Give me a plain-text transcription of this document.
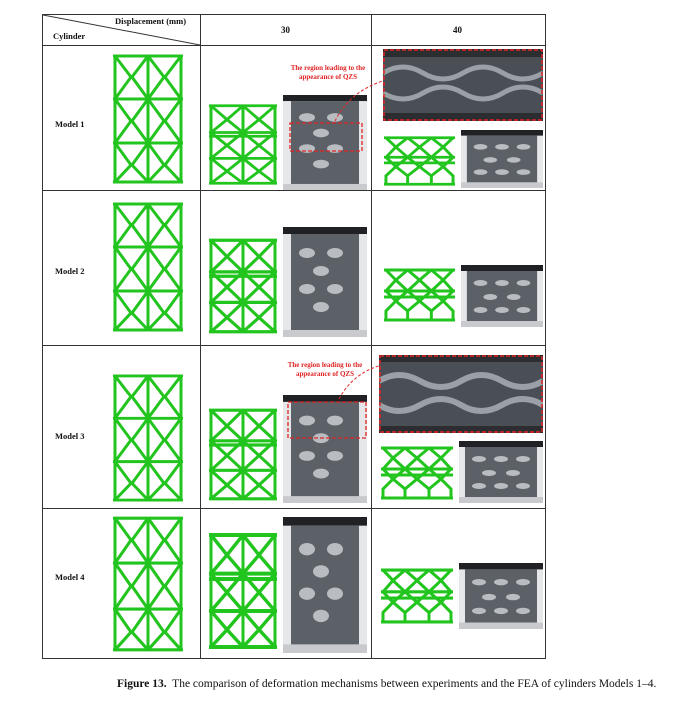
Displacement (mm)
Cylinder
30	40
Model 1
Model 2
Model 3
Model 4
The region leading to the appearance of QZS
The region leading to the appearance of QZS
Figure 13. The comparison of deformation mechanisms between experiments and the FEA of cylinders Models 1–4.
